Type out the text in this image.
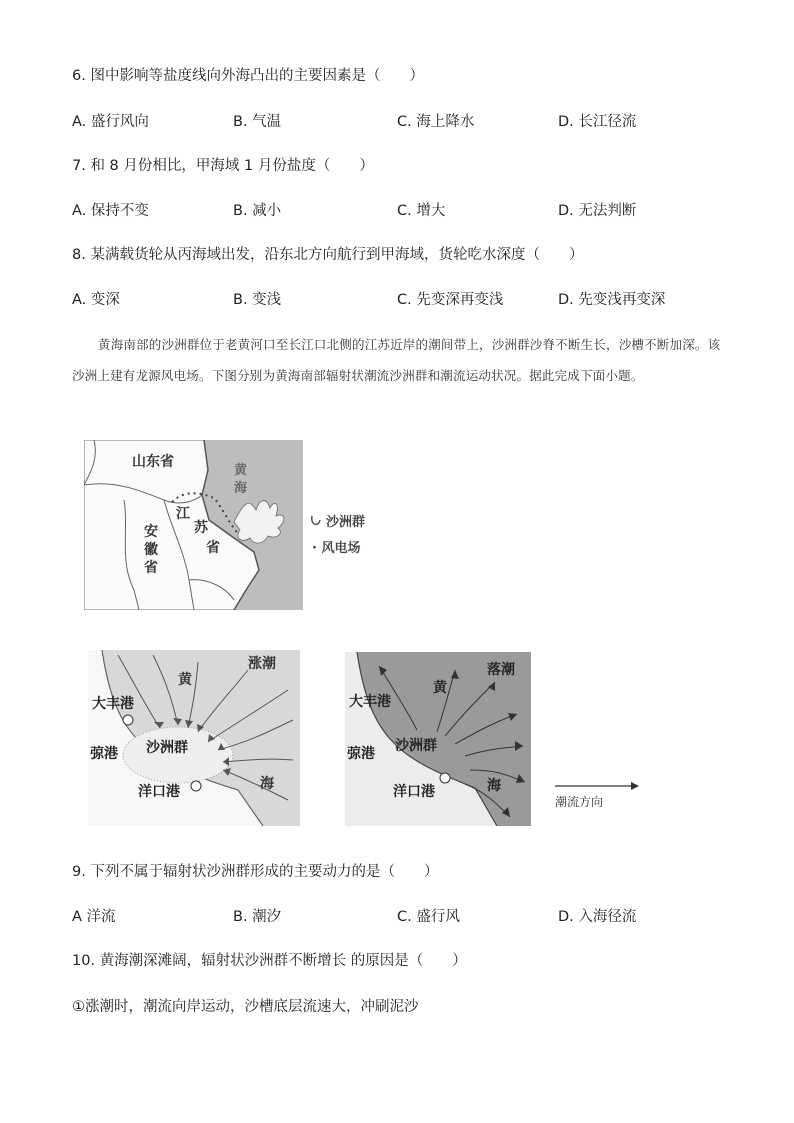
6. 图中影响等盐度线向外海凸出的主要因素是（　　）
A. 盛行风向	B. 气温	C. 海上降水	D. 长江径流
7. 和 8 月份相比，甲海域 1 月份盐度（　　）
A. 保持不变	B. 减小	C. 增大	D. 无法判断
8. 某满载货轮从丙海域出发，沿东北方向航行到甲海域，货轮吃水深度（　　）
A. 变深	B. 变浅	C. 先变深再变浅	D. 先变浅再变深
黄海南部的沙洲群位于老黄河口至长江口北侧的江苏近岸的潮间带上，沙洲群沙脊不断生长，沙槽不断加深。该沙洲上建有龙源风电场。下图分别为黄海南部辐射状潮流沙洲群和潮流运动状况。据此完成下面小题。
山东省
黄
海
江
苏
省
安
徽
省
沙洲群
· 风电场
涨潮
黄
海
大丰港
弶港 沙洲群
洋口港
落潮
黄
海
大丰港
弶港 沙洲群
洋口港
潮流方向
9. 下列不属于辐射状沙洲群形成的主要动力的是（　　）
A 洋流	B. 潮汐	C. 盛行风	D. 入海径流
10. 黄海潮深滩阔，辐射状沙洲群不断增长 的原因是（　　）
①涨潮时，潮流向岸运动，沙槽底层流速大，冲刷泥沙
